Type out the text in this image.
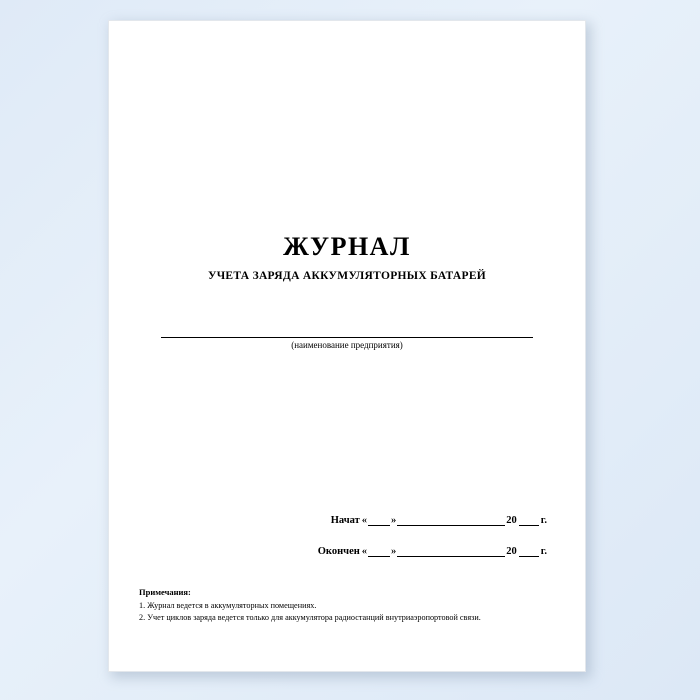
ЖУРНАЛ
УЧЕТА ЗАРЯДА АККУМУЛЯТОРНЫХ БАТАРЕЙ
(наименование предприятия)
Начат « »	20 г.
Окончен « »	20 г.
Примечания:
1. Журнал ведется в аккумуляторных помещениях.
2. Учет циклов заряда ведется только для аккумулятора радиостанций внутриаэропортовой связи.
